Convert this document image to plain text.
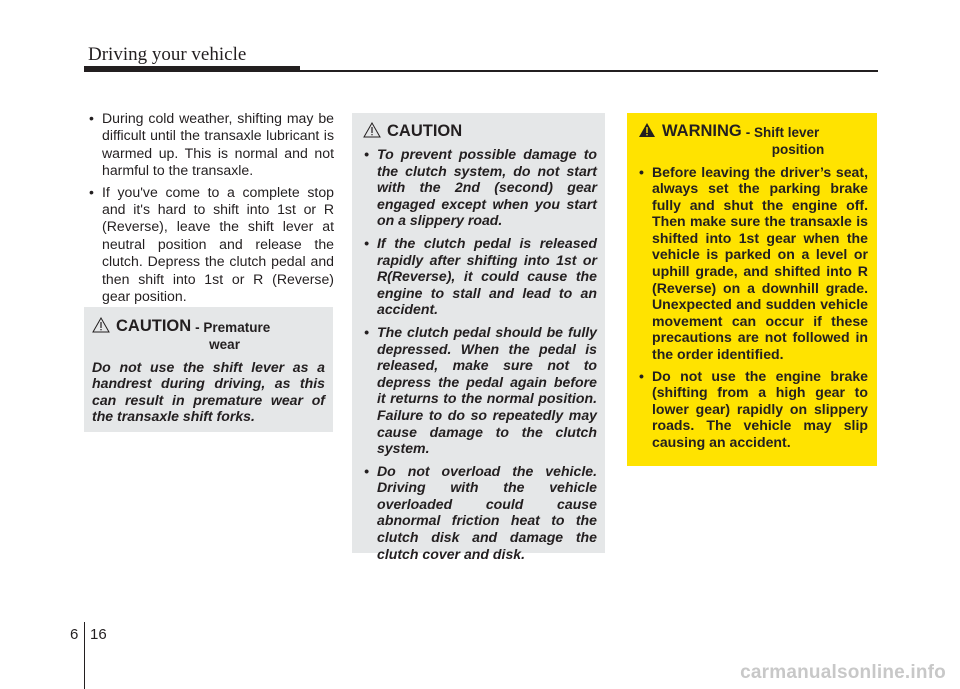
Driving your vehicle
• During cold weather, shifting may be difficult until the transaxle lubricant is warmed up. This is normal and not harmful to the transaxle.
• If you've come to a complete stop and it's hard to shift into 1st or R (Reverse), leave the shift lever at neutral position and release the clutch. Depress the clutch pedal and then shift into 1st or R (Reverse) gear position.
CAUTION - Premature
wear
Do not use the shift lever as a handrest during driving, as this can result in premature wear of the transaxle shift forks.
CAUTION
• To prevent possible damage to the clutch system, do not start with the 2nd (second) gear engaged except when you start on a slippery road.
• If the clutch pedal is released rapidly after shifting into 1st or R(Reverse), it could cause the engine to stall and lead to an accident.
• The clutch pedal should be fully depressed. When the pedal is released, make sure not to depress the pedal again before it returns to the normal position. Failure to do so repeatedly may cause damage to the clutch system.
• Do not overload the vehicle. Driving with the vehicle overloaded could cause abnormal friction heat to the clutch disk and damage the clutch cover and disk.
WARNING - Shift lever
position
• Before leaving the driver’s seat, always set the parking brake fully and shut the engine off. Then make sure the transaxle is shifted into 1st gear when the vehicle is parked on a level or uphill grade, and shifted into R (Reverse) on a downhill grade. Unexpected and sudden vehicle movement can occur if these precautions are not followed in the order identified.
• Do not use the engine brake (shifting from a high gear to lower gear) rapidly on slippery roads. The vehicle may slip causing an accident.
6 16
carmanualsonline.info
